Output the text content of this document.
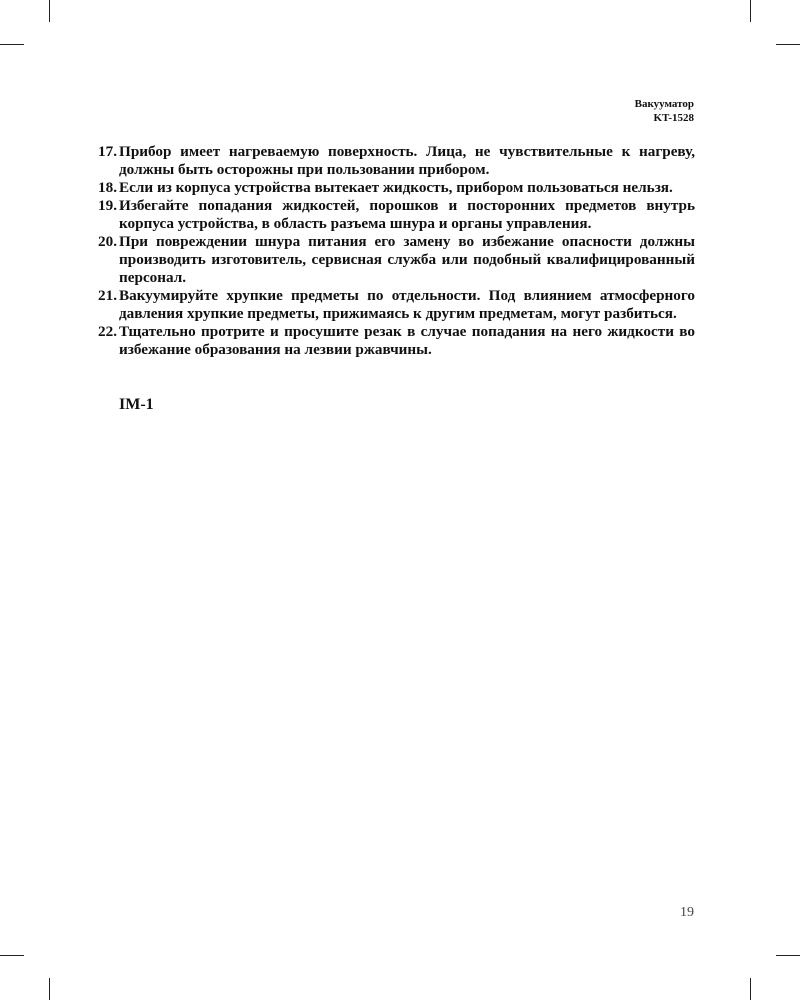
Вакууматор
KT-1528
17. Прибор имеет нагреваемую поверхность. Лица, не чувствительные к нагреву, должны быть осторожны при пользовании прибором.
18. Если из корпуса устройства вытекает жидкость, прибором пользоваться нельзя.
19. Избегайте попадания жидкостей, порошков и посторонних предметов внутрь корпуса устройства, в область разъема шнура и органы управления.
20. При повреждении шнура питания его замену во избежание опасности должны производить изготовитель, сервисная служба или подобный квалифицированный персонал.
21. Вакуумируйте хрупкие предметы по отдельности. Под влиянием атмосферного давления хрупкие предметы, прижимаясь к другим предметам, могут разбиться.
22. Тщательно протрите и просушите резак в случае попадания на него жидкости во избежание образования на лезвии ржавчины.
IM-1
19
